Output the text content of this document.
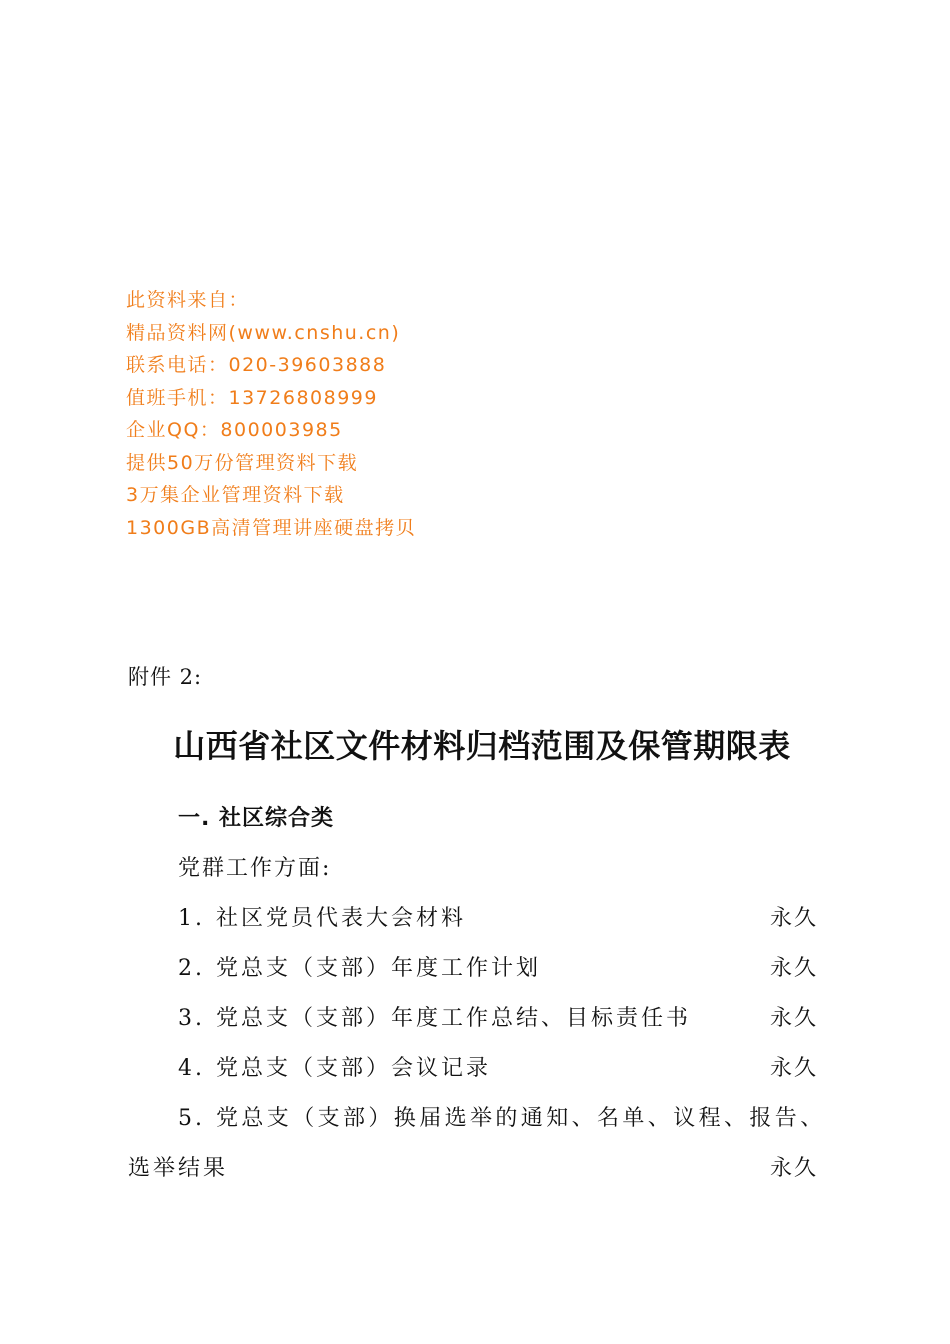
此资料来自：
精品资料网(www.cnshu.cn)
联系电话：020-39603888
值班手机：13726808999
企业QQ：800003985
提供50万份管理资料下载
3万集企业管理资料下载
1300GB高清管理讲座硬盘拷贝
附件 2:
山西省社区文件材料归档范围及保管期限表
一. 社区综合类
党群工作方面:
1. 社区党员代表大会材料	永久
2. 党总支（支部）年度工作计划	永久
3. 党总支（支部）年度工作总结、目标责任书	永久
4. 党总支（支部）会议记录	永久
5. 党总支（支部）换届选举的通知、名单、议程、报告、
选举结果	永久
